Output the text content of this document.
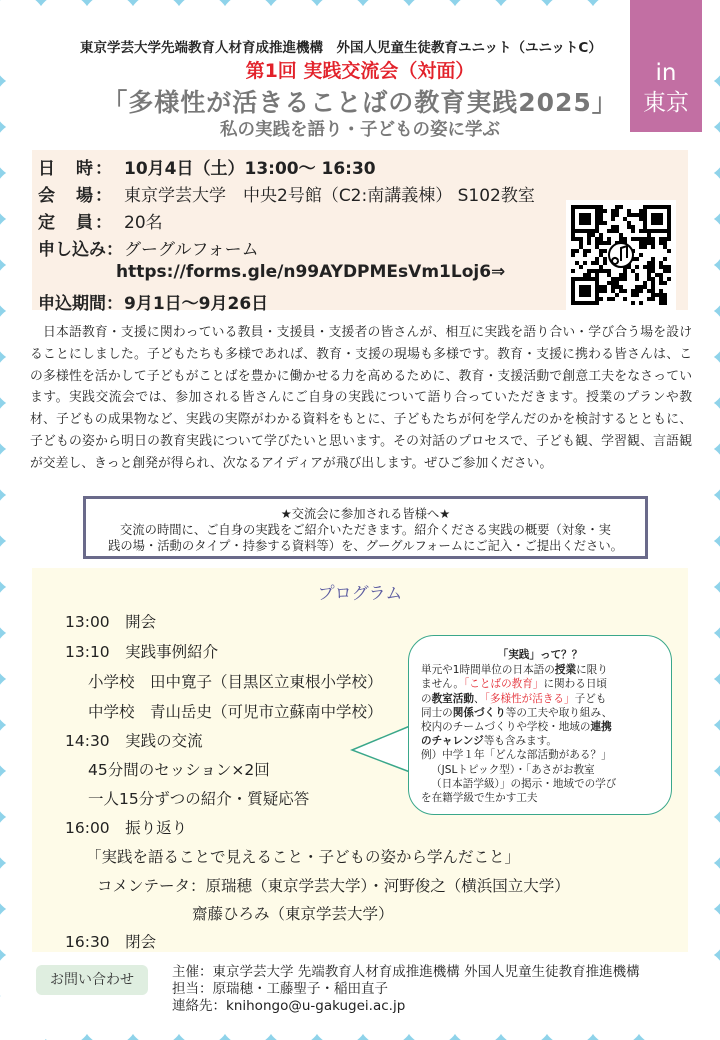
東京学芸大学先端教育人材育成推進機構　外国人児童生徒教育ユニット（ユニットC）
第1回 実践交流会（対面）
「多様性が活きることばの教育実践2025」
私の実践を語り・子どもの姿に学ぶ
in
東京
日　時： 10月4日（土）13:00～ 16:30
会　場： 東京学芸大学　中央2号館（C2:南講義棟） S102教室
定　員： 20名
申し込み：グーグルフォーム
https://forms.gle/n99AYDPMEsVm1Loj6⇒
申込期間：9月1日～9月26日
　日本語教育・支援に関わっている教員・支援員・支援者の皆さんが、相互に実践を語り合い・学び合う場を設けることにしました。子どもたちも多様であれば、教育・支援の現場も多様です。教育・支援に携わる皆さんは、この多様性を活かして子どもがことばを豊かに働かせる力を高めるために、教育・支援活動で創意工夫をなさっています。実践交流会では、参加される皆さんにご自身の実践について語り合っていただきます。授業のプランや教材、子どもの成果物など、実践の実際がわかる資料をもとに、子どもたちが何を学んだのかを検討するとともに、子どもの姿から明日の教育実践について学びたいと思います。その対話のプロセスで、子ども観、学習観、言語観が交差し、きっと創発が得られ、次なるアイディアが飛び出します。ぜひご参加ください。
★交流会に参加される皆様へ★
交流の時間に、ご自身の実践をご紹介いただきます。紹介くださる実践の概要（対象・実
践の場・活動のタイプ・持参する資料等）を、グーグルフォームにご記入・ご提出ください。
プログラム
13:00　開会
13:10　実践事例紹介
小学校　田中寛子（目黒区立東根小学校）
中学校　青山岳史（可児市立蘇南中学校）
14:30　実践の交流
45分間のセッション×2回
一人15分ずつの紹介・質疑応答
16:00　振り返り
「実践を語ることで見えること・子どもの姿から学んだこと」
コメンテータ：原瑞穂（東京学芸大学）・河野俊之（横浜国立大学）
齋藤ひろみ（東京学芸大学）
16:30　閉会
「実践」って？？
単元や1時間単位の日本語の授業に限り
ません。「ことばの教育」に関わる日頃
の教室活動、「多様性が活きる」子ども
同士の関係づくり等の工夫や取り組み、
校内のチームづくりや学校・地域の連携
のチャレンジ等も含みます。
例）中学１年「どんな部活動がある？」
（JSLトピック型）・「あさがお教室
（日本語学級）」の掲示・地域での学び
を在籍学級で生かす工夫
お問い合わせ	主催：東京学芸大学 先端教育人材育成推進機構 外国人児童生徒教育推進機構
担当：原瑞穂・工藤聖子・稲田直子
連絡先：knihongo@u-gakugei.ac.jp
